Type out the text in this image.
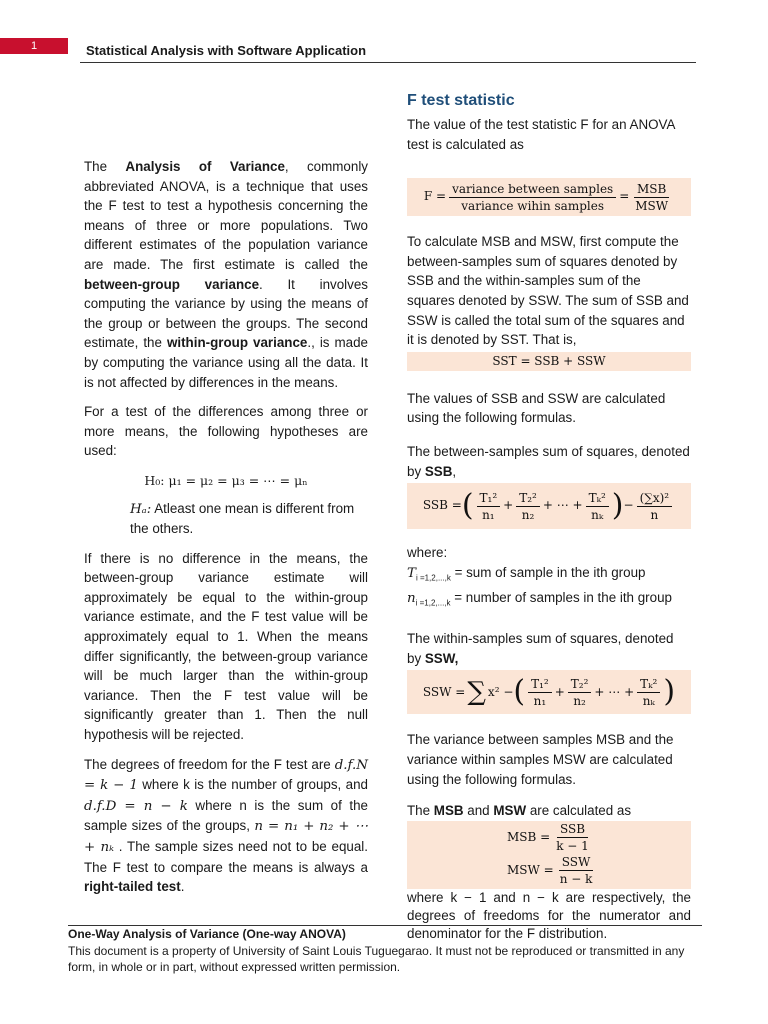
1	Statistical Analysis with Software Application

The Analysis of Variance, commonly abbreviated ANOVA, is a technique that uses the F test to test a hypothesis concerning the means of three or more populations. Two different estimates of the population variance are made. The first estimate is called the between-group variance. It involves computing the variance by using the means of the group or between the groups. The second estimate, the within-group variance., is made by computing the variance using all the data. It is not affected by differences in the means.

For a test of the differences among three or more means, the following hypotheses are used:

H₀: μ₁ = μ₂ = μ₃ = ⋯ = μₙ
Hₐ: Atleast one mean is different from the others.

If there is no difference in the means, the between-group variance estimate will approximately be equal to the within-group variance estimate, and the F test value will be approximately equal to 1. When the means differ significantly, the between-group variance will be much larger than the within-group variance. Then the F test value will be significantly greater than 1. Then the null hypothesis will be rejected.

The degrees of freedom for the F test are d.f.N = k − 1 where k is the number of groups, and d.f.D = n − k where n is the sum of the sample sizes of the groups, n = n₁ + n₂ + ⋯ + nₖ . The sample sizes need not to be equal. The F test to compare the means is always a right-tailed test.

F test statistic

The value of the test statistic F for an ANOVA test is calculated as

$F = \frac{\text{variance between samples}}{\text{variance wihin samples}} = \frac{\text{MSB}}{\text{MSW}}$

To calculate MSB and MSW, first compute the between-samples sum of squares denoted by SSB and the within-samples sum of the squares denoted by SSW. The sum of SSB and SSW is called the total sum of the squares and it is denoted by SST. That is,

SST = SSB + SSW

The values of SSB and SSW are calculated using the following formulas.

The between-samples sum of squares, denoted by SSB,

SSB = ( $\frac{\text{T₁²}}{\text{n₁}} + \frac{\text{T₂²}}{\text{n₂}}$ + ⋯ + $\frac{\text{Tₖ²}}{\text{nₖ}}$ ) − $\frac{\text{(∑x)²}}{n}$
where:
$T_{i =1,2,...,k}$ = sum of sample in the ith group
$n_{i =1,2,...,k}$ = number of samples in the ith group

The within-samples sum of squares, denoted by SSW,

SSW = ∑ x² − ( $\frac{\text{T₁²}}{\text{n₁}} + \frac{\text{T₂²}}{\text{n₂}}$ + ⋯ + $\frac{\text{Tₖ²}}{\text{nₖ}}$ )

The variance between samples MSB and the variance within samples MSW are calculated using the following formulas.

The MSB and MSW are calculated as

MSB = $\frac{\text{SSB}}{k - 1}$
MSW = $\frac{\text{SSW}}{n - k}$

where k − 1 and n − k are respectively, the degrees of freedoms for the numerator and denominator for the F distribution.

One-Way Analysis of Variance (One-way ANOVA)
This document is a property of University of Saint Louis Tuguegarao. It must not be reproduced or transmitted in any form, in whole or in part, without expressed written permission.
